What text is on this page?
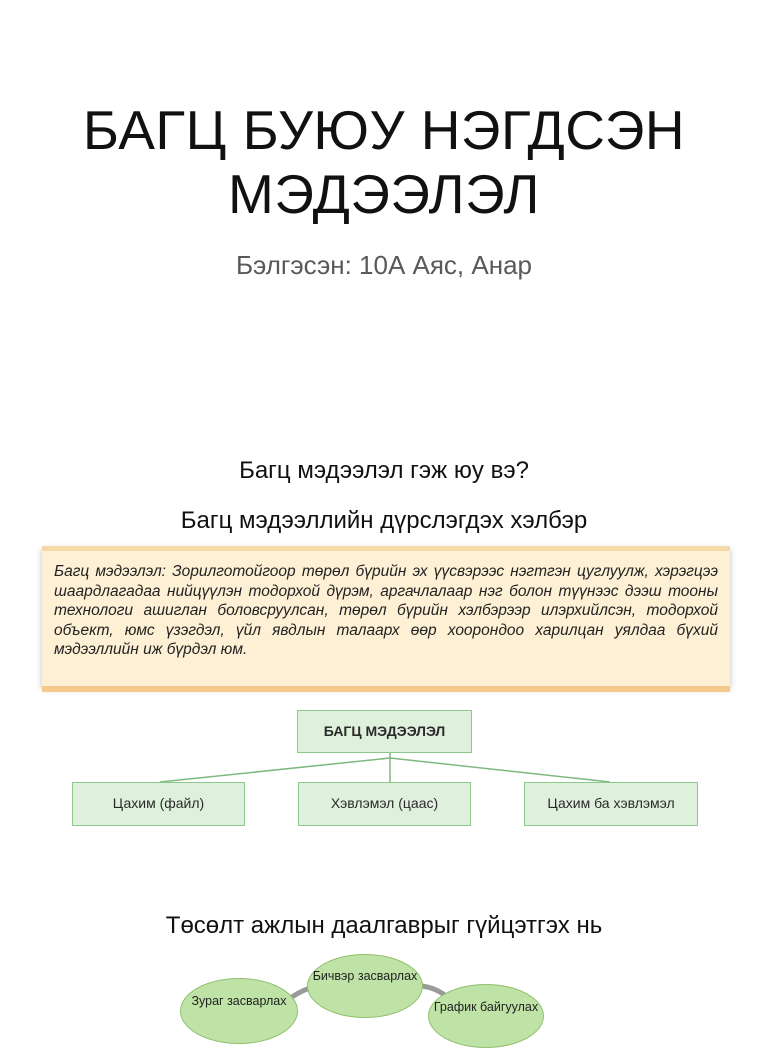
БАГЦ БУЮУ НЭГДСЭН
МЭДЭЭЛЭЛ
Бэлгэсэн: 10А Аяс, Анар
Багц мэдээлэл гэж юу вэ?
Багц мэдээллийн дүрслэгдэх хэлбэр
Багц мэдээлэл: Зорилготойгоор төрөл бүрийн эх үүсвэрээс нэгтгэн цуглуулж, хэрэгцээ шаардлагадаа нийцүүлэн тодорхой дүрэм, аргачлалаар нэг болон түүнээс дээш тооны технологи ашиглан боловсруулсан, төрөл бүрийн хэлбэрээр илэрхийлсэн, тодорхой объект, юмс үзэгдэл, үйл явдлын талаарх өөр хоорондоо харилцан уялдаа бүхий мэдээллийн иж бүрдэл юм.
БАГЦ МЭДЭЭЛЭЛ
Цахим (файл)	Хэвлэмэл (цаас)	Цахим ба хэвлэмэл
Төсөлт ажлын даалгаврыг гүйцэтгэх нь
Бичвэр засварлах
Зураг засварлах	График байгуулах
